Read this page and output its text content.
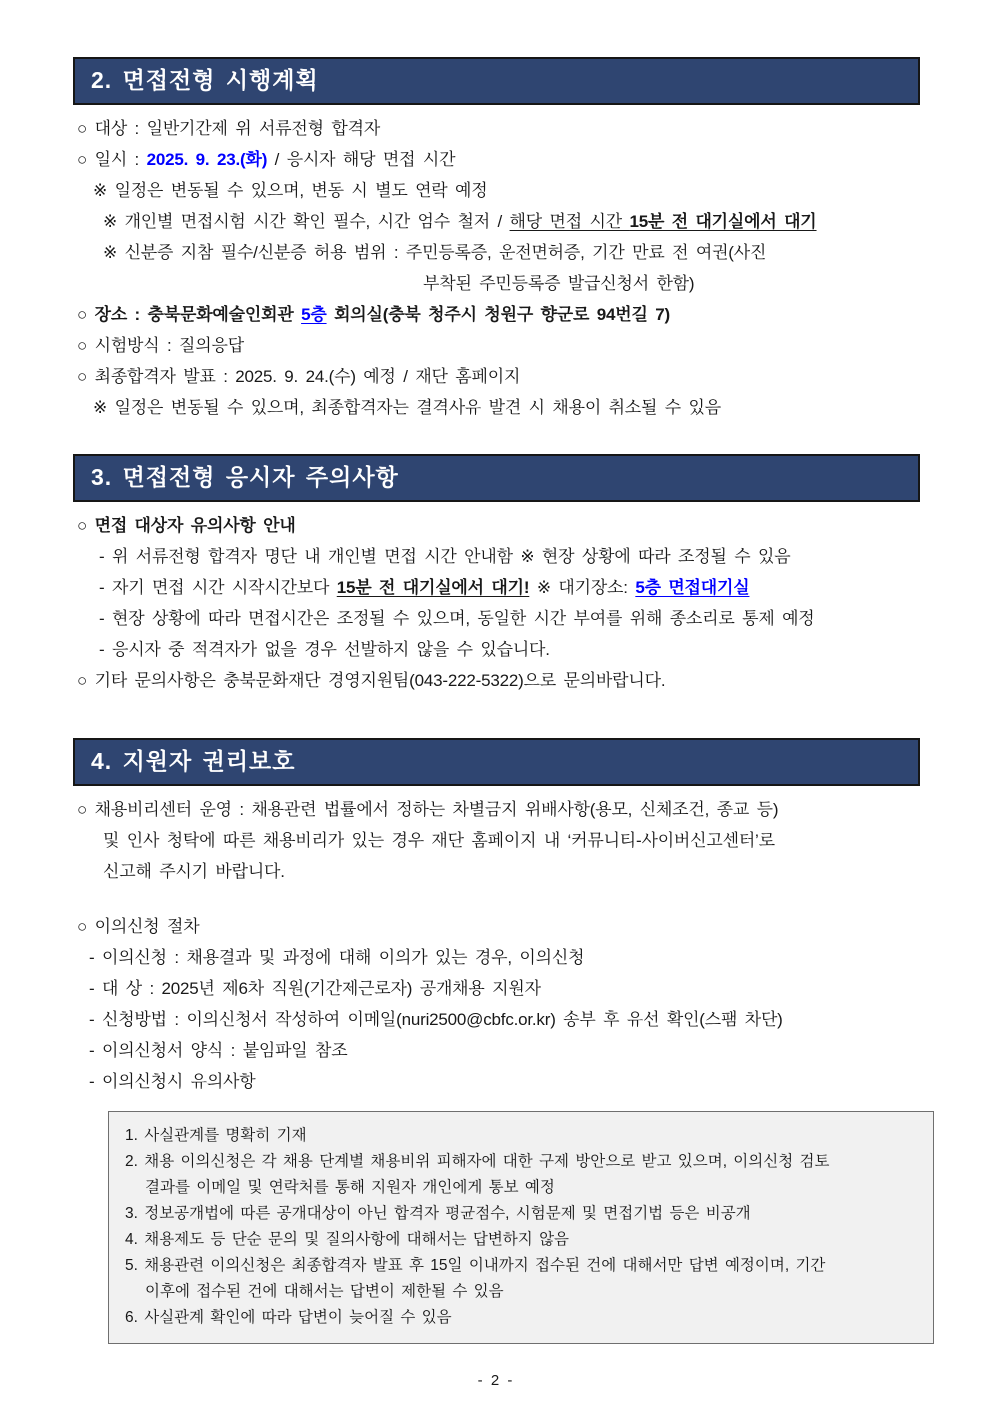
2. 면접전형 시행계획
○ 대상 : 일반기간제 위 서류전형 합격자
○ 일시 : 2025. 9. 23.(화) / 응시자 해당 면접 시간
※ 일정은 변동될 수 있으며, 변동 시 별도 연락 예정
※ 개인별 면접시험 시간 확인 필수, 시간 엄수 철저 / 해당 면접 시간 15분 전 대기실에서 대기
※ 신분증 지참 필수/신분증 허용 범위 : 주민등록증, 운전면허증, 기간 만료 전 여권(사진
부착된 주민등록증 발급신청서 한함)
○ 장소 : 충북문화예술인회관 5층 회의실(충북 청주시 청원구 향군로 94번길 7)
○ 시험방식 : 질의응답
○ 최종합격자 발표 : 2025. 9. 24.(수) 예정 / 재단 홈페이지
※ 일정은 변동될 수 있으며, 최종합격자는 결격사유 발견 시 채용이 취소될 수 있음
3. 면접전형 응시자 주의사항
○ 면접 대상자 유의사항 안내
- 위 서류전형 합격자 명단 내 개인별 면접 시간 안내함 ※ 현장 상황에 따라 조정될 수 있음
- 자기 면접 시간 시작시간보다 15분 전 대기실에서 대기! ※ 대기장소: 5층 면접대기실
- 현장 상황에 따라 면접시간은 조정될 수 있으며, 동일한 시간 부여를 위해 종소리로 통제 예정
- 응시자 중 적격자가 없을 경우 선발하지 않을 수 있습니다.
○ 기타 문의사항은 충북문화재단 경영지원팀(043-222-5322)으로 문의바랍니다.
4. 지원자 권리보호
○ 채용비리센터 운영 : 채용관련 법률에서 정하는 차별금지 위배사항(용모, 신체조건, 종교 등)
및 인사 청탁에 따른 채용비리가 있는 경우 재단 홈페이지 내 ‘커뮤니티-사이버신고센터’로
신고해 주시기 바랍니다.
○ 이의신청 절차
- 이의신청 : 채용결과 및 과정에 대해 이의가 있는 경우, 이의신청
- 대 상 : 2025년 제6차 직원(기간제근로자) 공개채용 지원자
- 신청방법 : 이의신청서 작성하여 이메일(nuri2500@cbfc.or.kr) 송부 후 유선 확인(스팸 차단)
- 이의신청서 양식 : 붙임파일 참조
- 이의신청시 유의사항
1. 사실관계를 명확히 기재
2. 채용 이의신청은 각 채용 단계별 채용비위 피해자에 대한 구제 방안으로 받고 있으며, 이의신청 검토
결과를 이메일 및 연락처를 통해 지원자 개인에게 통보 예정
3. 정보공개법에 따른 공개대상이 아닌 합격자 평균점수, 시험문제 및 면접기법 등은 비공개
4. 채용제도 등 단순 문의 및 질의사항에 대해서는 답변하지 않음
5. 채용관련 이의신청은 최종합격자 발표 후 15일 이내까지 접수된 건에 대해서만 답변 예정이며, 기간
이후에 접수된 건에 대해서는 답변이 제한될 수 있음
6. 사실관계 확인에 따라 답변이 늦어질 수 있음
- 2 -
